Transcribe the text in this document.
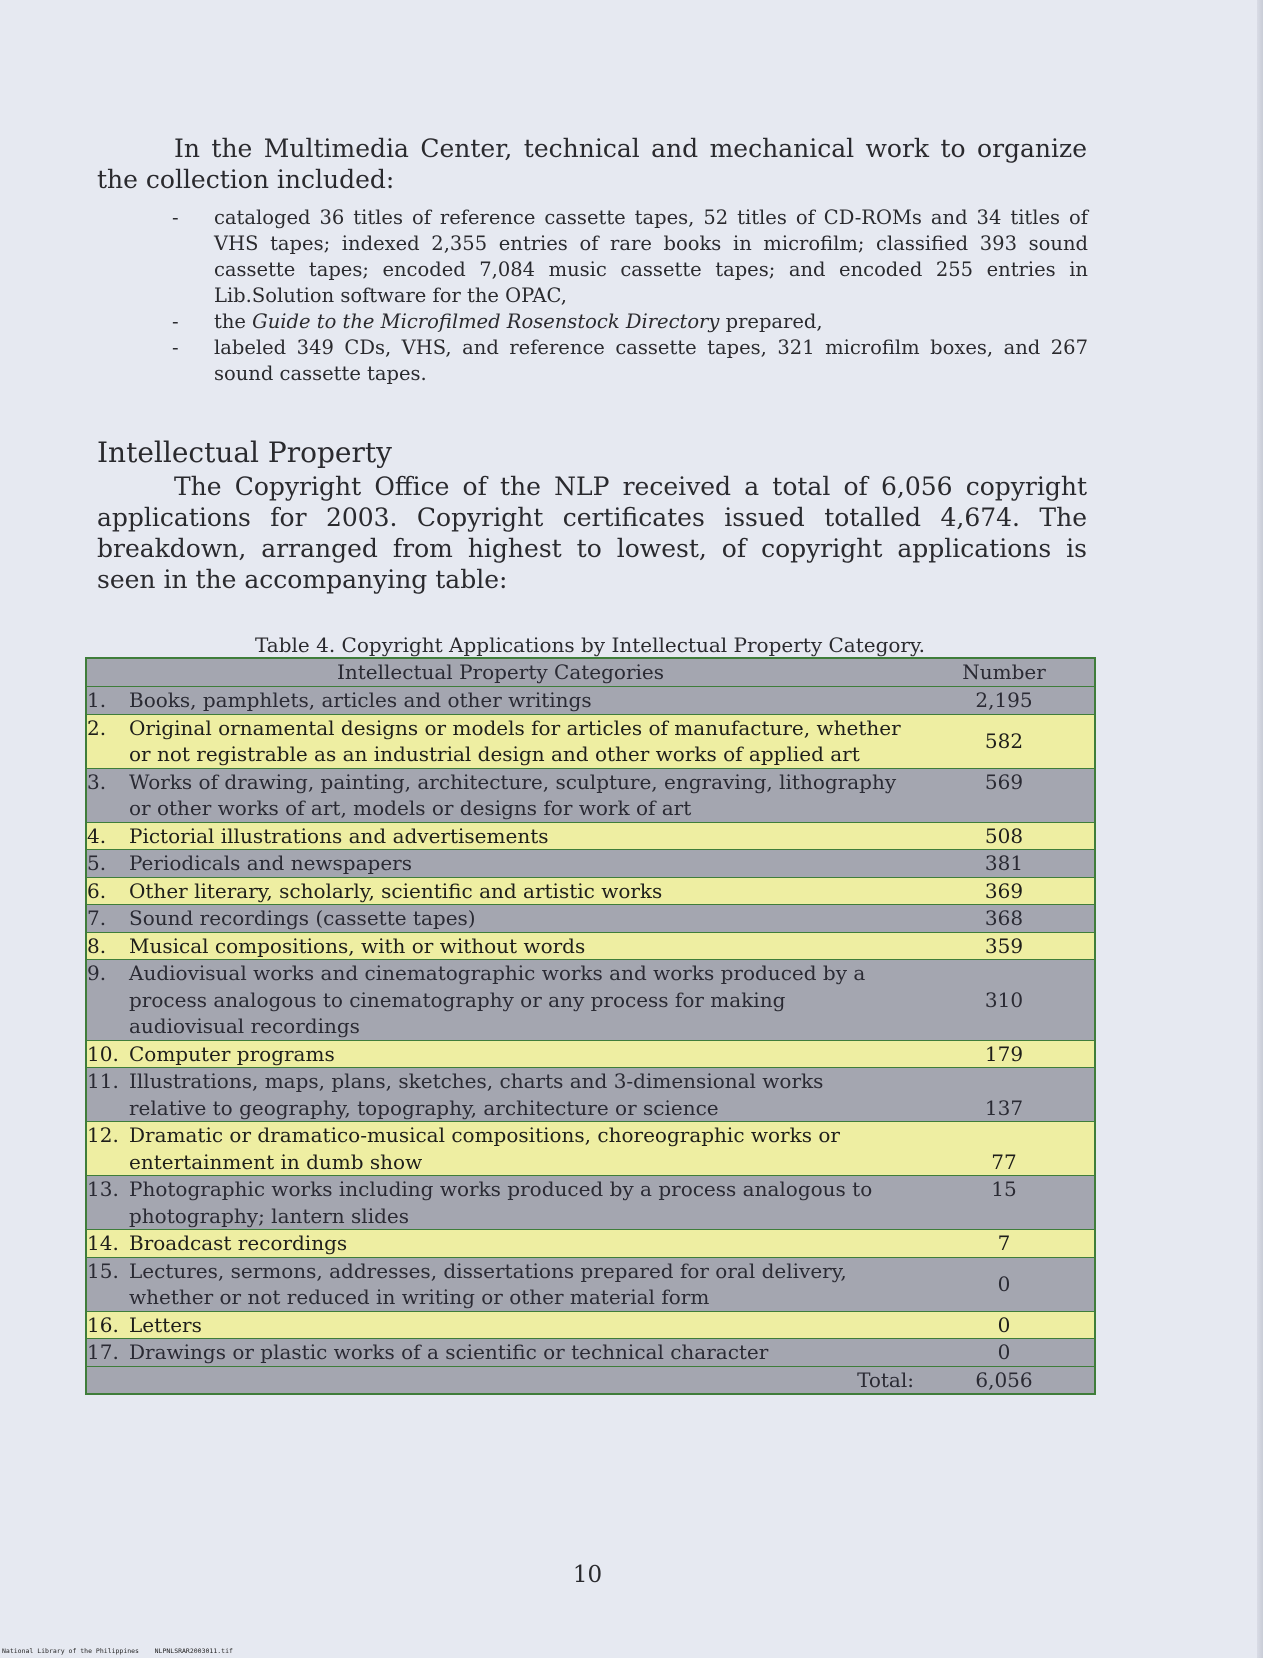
In the Multimedia Center, technical and mechanical work to organize the collection included:

- cataloged 36 titles of reference cassette tapes, 52 titles of CD-ROMs and 34 titles of VHS tapes; indexed 2,355 entries of rare books in microfilm; classified 393 sound cassette tapes; encoded 7,084 music cassette tapes; and encoded 255 entries in Lib.Solution software for the OPAC,
- the Guide to the Microfilmed Rosenstock Directory prepared,
- labeled 349 CDs, VHS, and reference cassette tapes, 321 microfilm boxes, and 267 sound cassette tapes.
Intellectual Property

The Copyright Office of the NLP received a total of 6,056 copyright applications for 2003. Copyright certificates issued totalled 4,674. The breakdown, arranged from highest to lowest, of copyright applications is seen in the accompanying table:

Table 4. Copyright Applications by Intellectual Property Category.
Intellectual Property Categories	Number

1. Books, pamphlets, articles and other writings	2,195

2. Original ornamental designs or models for articles of manufacture, whether or not registrable as an industrial design and other works of applied art	582

3. Works of drawing, painting, architecture, sculpture, engraving, lithography or other works of art, models or designs for work of art	569

4. Pictorial illustrations and advertisements	508

5. Periodicals and newspapers	381

6. Other literary, scholarly, scientific and artistic works	369

7. Sound recordings (cassette tapes)	368

8. Musical compositions, with or without words	359

9. Audiovisual works and cinematographic works and works produced by a process analogous to cinematography or any process for making audiovisual recordings	310

10. Computer programs	179

11. Illustrations, maps, plans, sketches, charts and 3-dimensional works relative to geography, topography, architecture or science	137

12. Dramatic or dramatico-musical compositions, choreographic works or entertainment in dumb show	77

13. Photographic works including works produced by a process analogous to photography; lantern slides	15

14. Broadcast recordings	7

15. Lectures, sermons, addresses, dissertations prepared for oral delivery, whether or not reduced in writing or other material form	0

16. Letters	0

17. Drawings or plastic works of a scientific or technical character	0
Total:	6,056
10
National Library of the Philippines NLPNLSRAR2003011.tif
